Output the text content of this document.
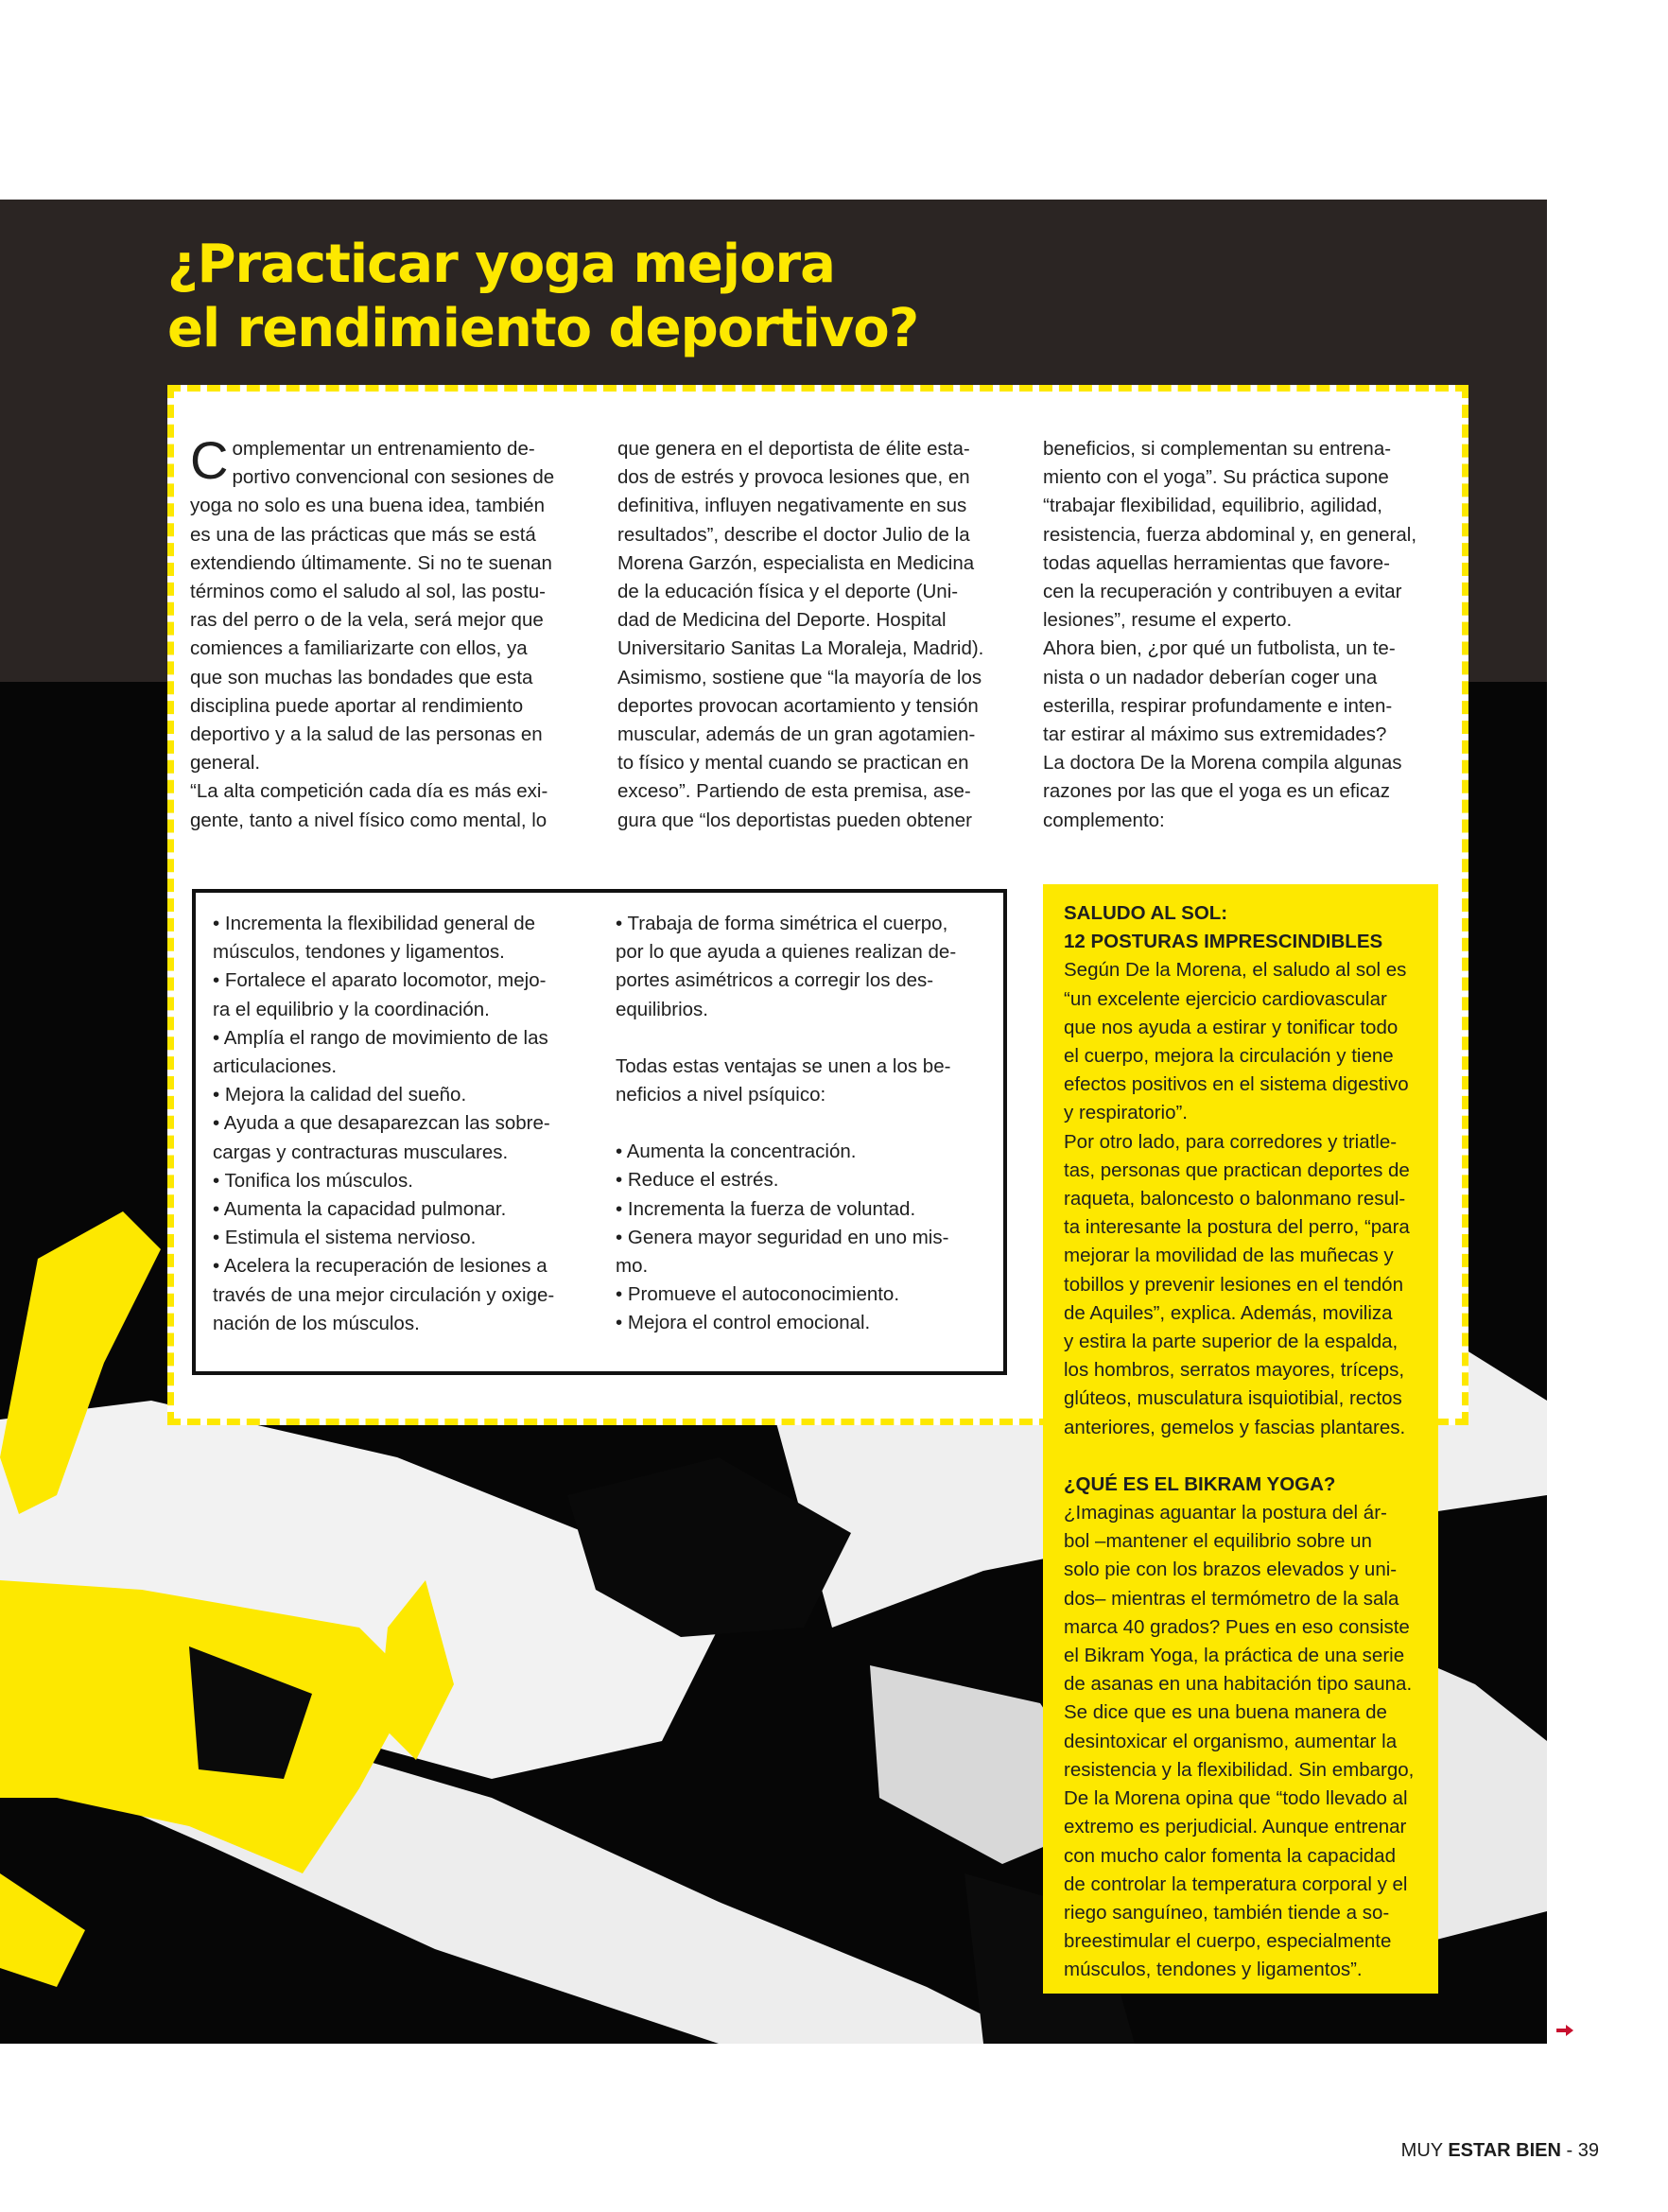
¿Practicar yoga mejora
el rendimiento deportivo?
C omplementar un entrenamiento de-
portivo convencional con sesiones de
yoga no solo es una buena idea, también
es una de las prácticas que más se está
extendiendo últimamente. Si no te suenan
términos como el saludo al sol, las postu-
ras del perro o de la vela, será mejor que
comiences a familiarizarte con ellos, ya
que son muchas las bondades que esta
disciplina puede aportar al rendimiento
deportivo y a la salud de las personas en
general.
“La alta competición cada día es más exi-
gente, tanto a nivel físico como mental, lo
que genera en el deportista de élite esta-
dos de estrés y provoca lesiones que, en
definitiva, influyen negativamente en sus
resultados”, describe el doctor Julio de la
Morena Garzón, especialista en Medicina
de la educación física y el deporte (Uni-
dad de Medicina del Deporte. Hospital
Universitario Sanitas La Moraleja, Madrid).
Asimismo, sostiene que “la mayoría de los
deportes provocan acortamiento y tensión
muscular, además de un gran agotamien-
to físico y mental cuando se practican en
exceso”. Partiendo de esta premisa, ase-
gura que “los deportistas pueden obtener
beneficios, si complementan su entrena-
miento con el yoga”. Su práctica supone
“trabajar flexibilidad, equilibrio, agilidad,
resistencia, fuerza abdominal y, en general,
todas aquellas herramientas que favore-
cen la recuperación y contribuyen a evitar
lesiones”, resume el experto.
Ahora bien, ¿por qué un futbolista, un te-
nista o un nadador deberían coger una
esterilla, respirar profundamente e inten-
tar estirar al máximo sus extremidades?
La doctora De la Morena compila algunas
razones por las que el yoga es un eficaz
complemento:
• Incrementa la flexibilidad general de
músculos, tendones y ligamentos.
• Fortalece el aparato locomotor, mejo-
ra el equilibrio y la coordinación.
• Amplía el rango de movimiento de las
articulaciones.
• Mejora la calidad del sueño.
• Ayuda a que desaparezcan las sobre-
cargas y contracturas musculares.
• Tonifica los músculos.
• Aumenta la capacidad pulmonar.
• Estimula el sistema nervioso.
• Acelera la recuperación de lesiones a
través de una mejor circulación y oxige-
nación de los músculos.
• Trabaja de forma simétrica el cuerpo,
por lo que ayuda a quienes realizan de-
portes asimétricos a corregir los des-
equilibrios.
Todas estas ventajas se unen a los be-
neficios a nivel psíquico:
• Aumenta la concentración.
• Reduce el estrés.
• Incrementa la fuerza de voluntad.
• Genera mayor seguridad en uno mis-
mo.
• Promueve el autoconocimiento.
• Mejora el control emocional.
SALUDO AL SOL:
12 POSTURAS IMPRESCINDIBLES
Según De la Morena, el saludo al sol es
“un excelente ejercicio cardiovascular
que nos ayuda a estirar y tonificar todo
el cuerpo, mejora la circulación y tiene
efectos positivos en el sistema digestivo
y respiratorio”.
Por otro lado, para corredores y triatle-
tas, personas que practican deportes de
raqueta, baloncesto o balonmano resul-
ta interesante la postura del perro, “para
mejorar la movilidad de las muñecas y
tobillos y prevenir lesiones en el tendón
de Aquiles”, explica. Además, moviliza
y estira la parte superior de la espalda,
los hombros, serratos mayores, tríceps,
glúteos, musculatura isquiotibial, rectos
anteriores, gemelos y fascias plantares.
¿QUÉ ES EL BIKRAM YOGA?
¿Imaginas aguantar la postura del ár-
bol –mantener el equilibrio sobre un
solo pie con los brazos elevados y uni-
dos– mientras el termómetro de la sala
marca 40 grados? Pues en eso consiste
el Bikram Yoga, la práctica de una serie
de asanas en una habitación tipo sauna.
Se dice que es una buena manera de
desintoxicar el organismo, aumentar la
resistencia y la flexibilidad. Sin embargo,
De la Morena opina que “todo llevado al
extremo es perjudicial. Aunque entrenar
con mucho calor fomenta la capacidad
de controlar la temperatura corporal y el
riego sanguíneo, también tiende a so-
breestimular el cuerpo, especialmente
músculos, tendones y ligamentos”.
MUY ESTAR BIEN - 39
